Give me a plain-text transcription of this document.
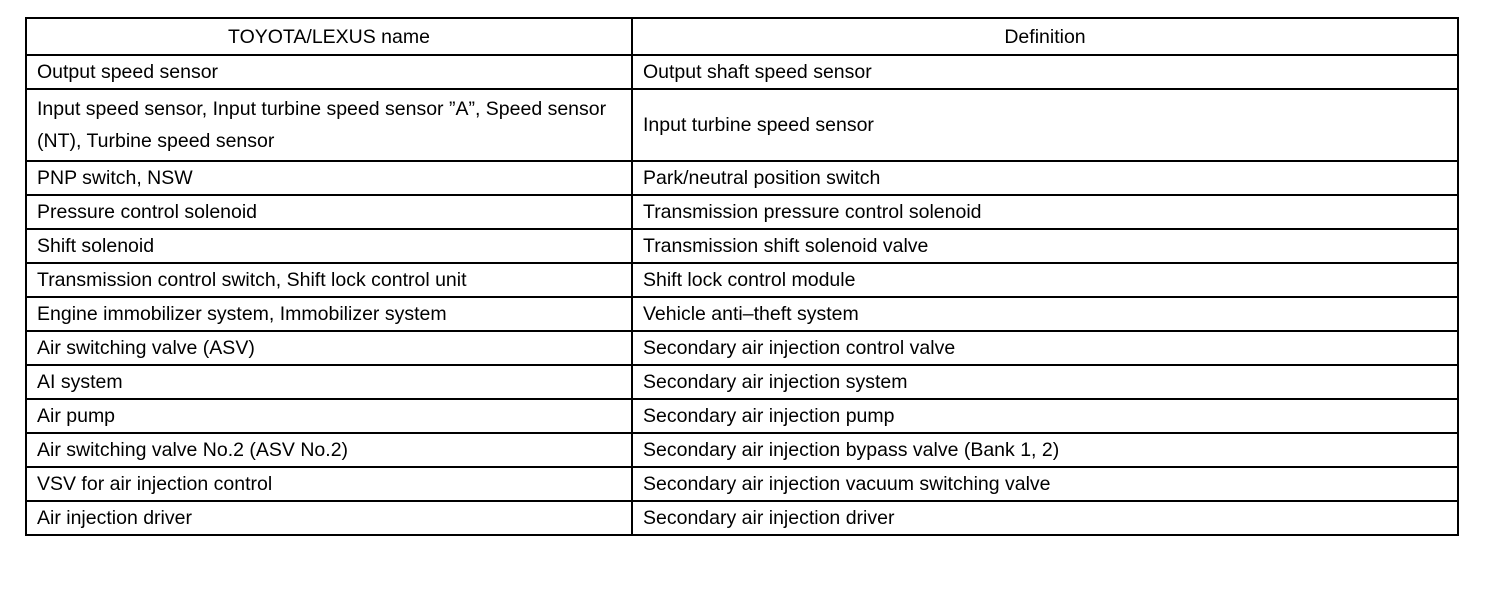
TOYOTA/LEXUS name	Definition
Output speed sensor	Output shaft speed sensor
Input speed sensor, Input turbine speed sensor ”A”, Speed sensor (NT), Turbine speed sensor	Input turbine speed sensor
PNP switch, NSW	Park/neutral position switch
Pressure control solenoid	Transmission pressure control solenoid
Shift solenoid	Transmission shift solenoid valve
Transmission control switch, Shift lock control unit	Shift lock control module
Engine immobilizer system, Immobilizer system	Vehicle anti–theft system
Air switching valve (ASV)	Secondary air injection control valve
AI system	Secondary air injection system
Air pump	Secondary air injection pump
Air switching valve No.2 (ASV No.2)	Secondary air injection bypass valve (Bank 1, 2)
VSV for air injection control	Secondary air injection vacuum switching valve
Air injection driver	Secondary air injection driver
